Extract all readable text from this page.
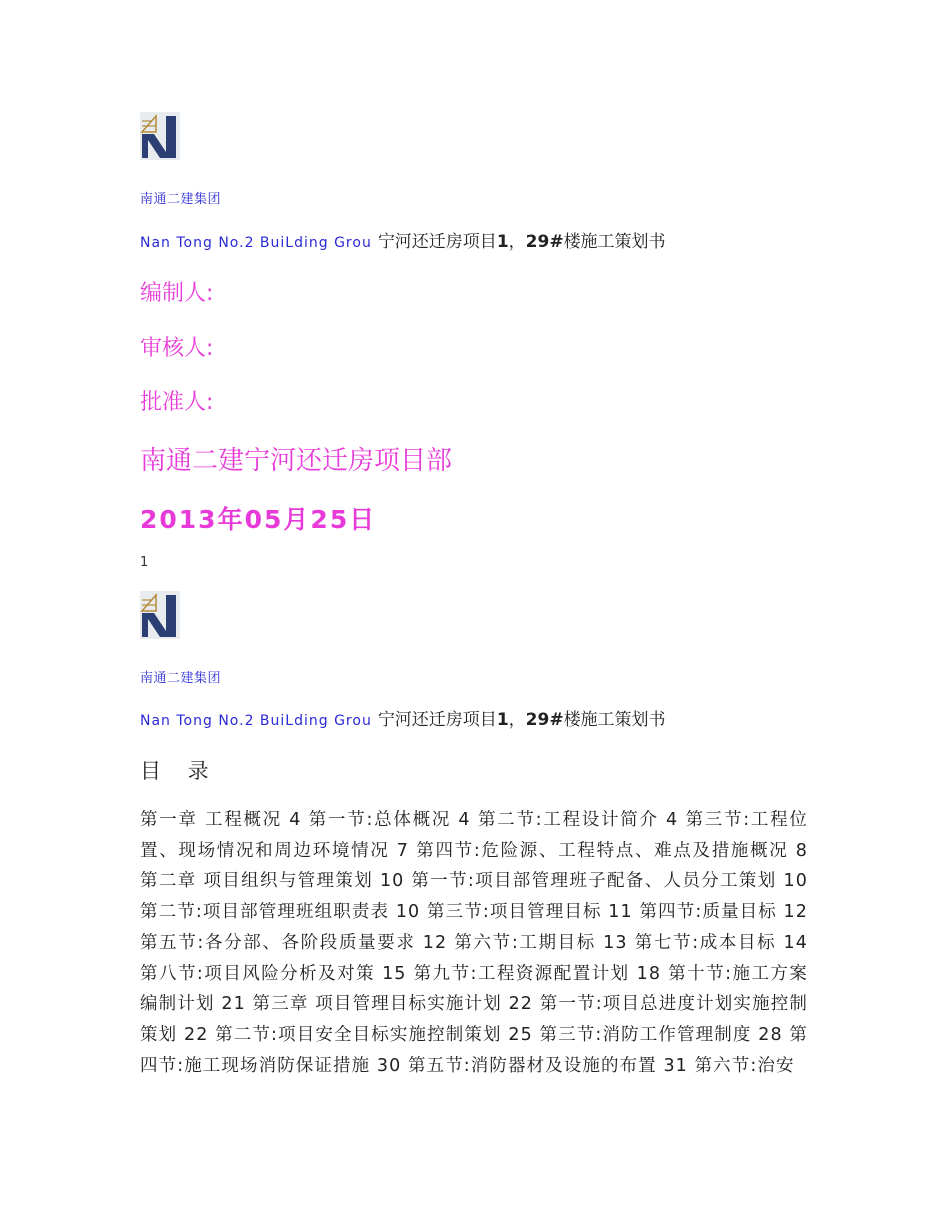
南通二建集团
Nan Tong No.2 BuiLding Grou 宁河还迁房项目1，29#楼施工策划书
编制人:
审核人:
批准人:
南通二建宁河还迁房项目部
2013年05月25日
1
南通二建集团
Nan Tong No.2 BuiLding Grou 宁河还迁房项目1，29#楼施工策划书
目 录
第一章 工程概况 4 第一节:总体概况 4 第二节:工程设计简介 4 第三节:工程位置、现场情况和周边环境情况 7 第四节:危险源、工程特点、难点及措施概况 8 第二章 项目组织与管理策划 10 第一节:项目部管理班子配备、人员分工策划 10 第二节:项目部管理班组职责表 10 第三节:项目管理目标 11 第四节:质量目标 12 第五节:各分部、各阶段质量要求 12 第六节:工期目标 13 第七节:成本目标 14 第八节:项目风险分析及对策 15 第九节:工程资源配置计划 18 第十节:施工方案编制计划 21 第三章 项目管理目标实施计划 22 第一节:项目总进度计划实施控制策划 22 第二节:项目安全目标实施控制策划 25 第三节:消防工作管理制度 28 第四节:施工现场消防保证措施 30 第五节:消防器材及设施的布置 31 第六节:治安
